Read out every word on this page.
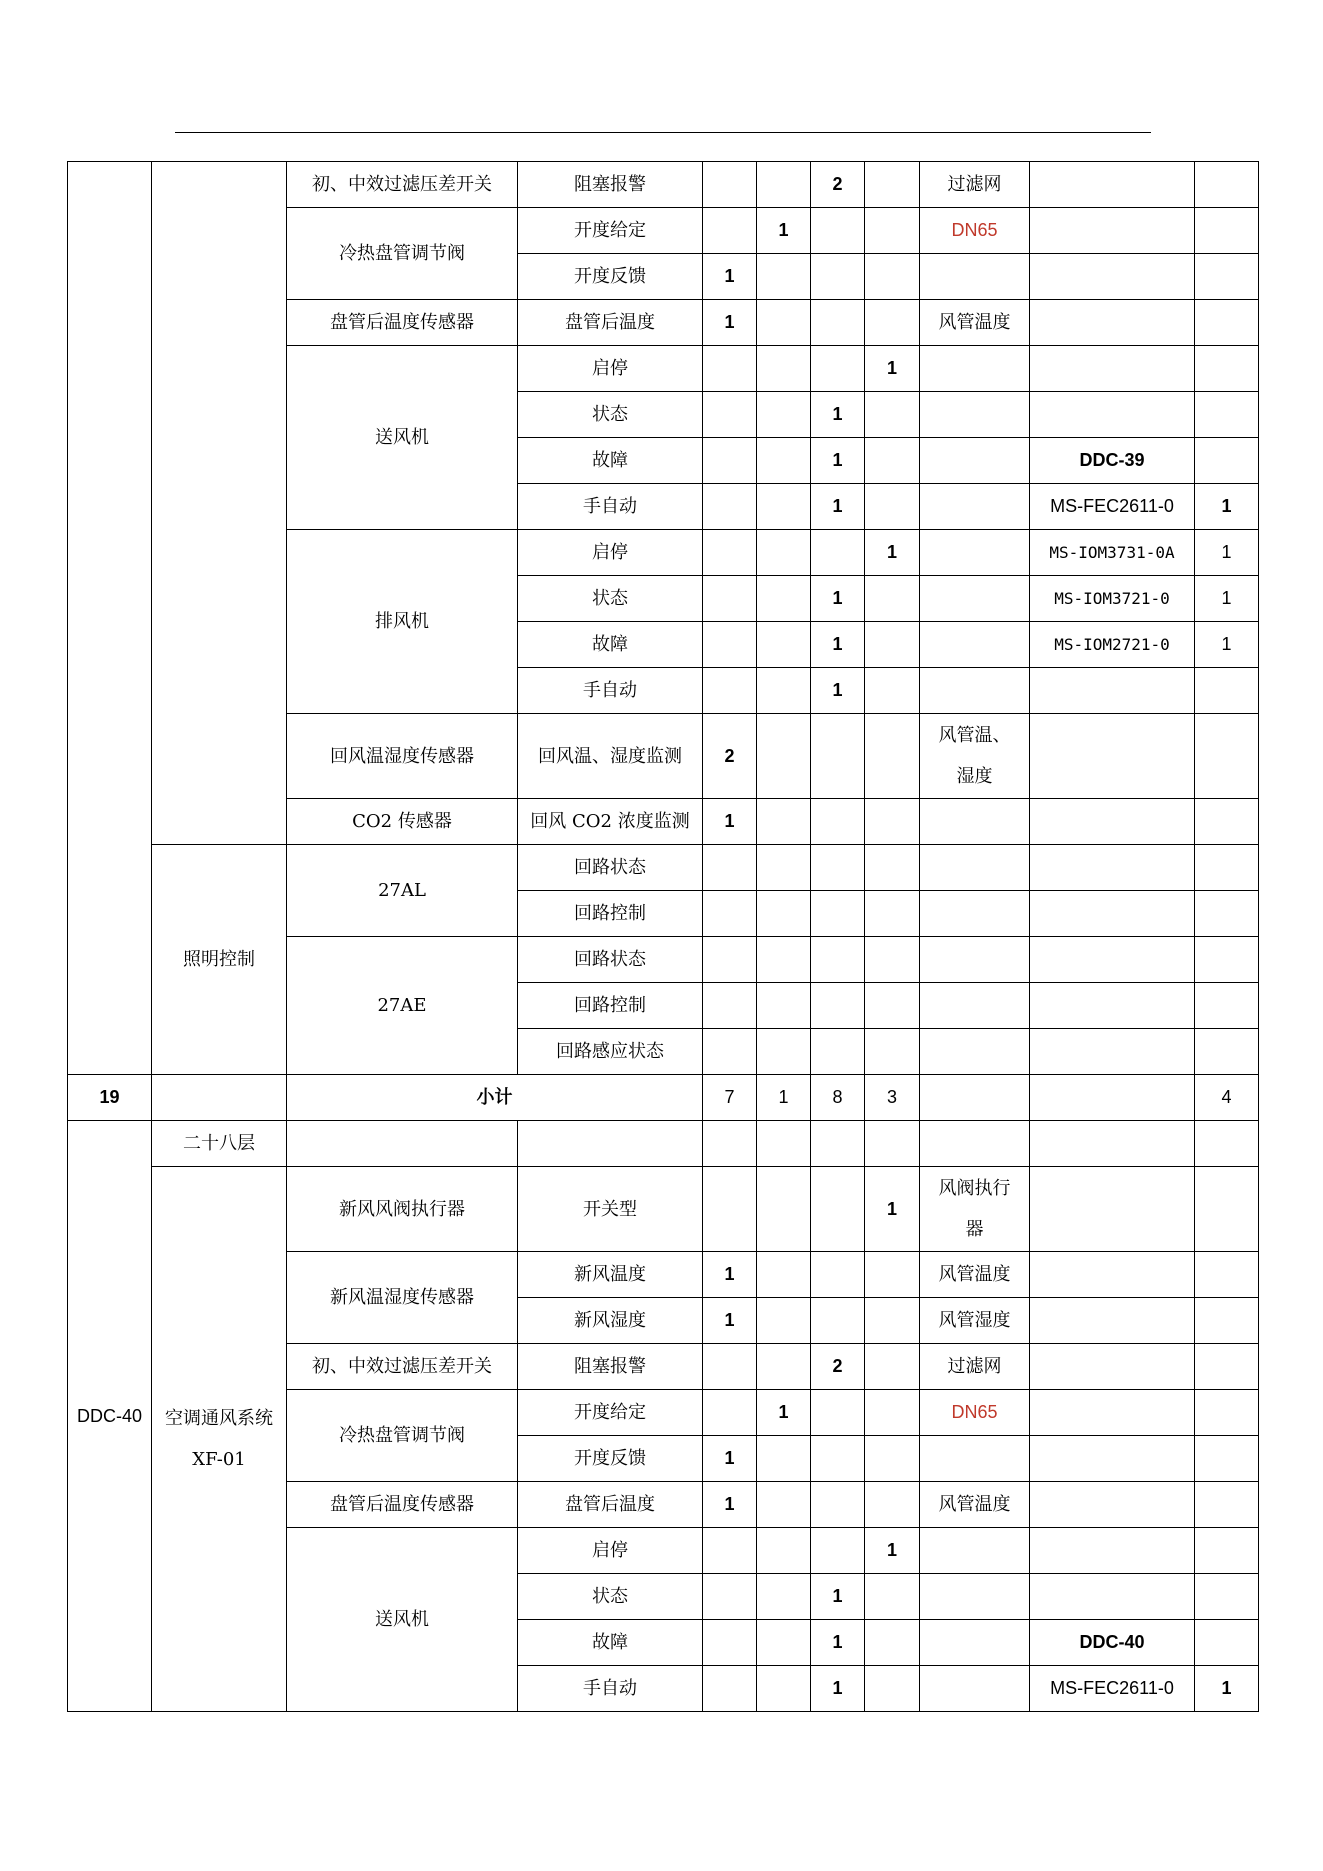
		初、中效过滤压差开关	阻塞报警			2		过滤网		
		冷热盘管调节阀	开度给定		1			DN65		
			开度反馈	1						
		盘管后温度传感器	盘管后温度	1				风管温度		
		送风机	启停				1			
			状态			1				
			故障			1			DDC-39	
			手自动			1			MS-FEC2611-0	1
		排风机	启停				1		MS-IOM3731-0A	1
			状态			1			MS-IOM3721-0	1
			故障			1			MS-IOM2721-0	1
			手自动			1				
		回风温湿度传感器	回风温、湿度监测	2				风管温、湿度		
		CO2 传感器	回风 CO2 浓度监测	1						
	照明控制	27AL	回路状态							
			回路控制							
		27AE	回路状态							
			回路控制							
			回路感应状态							
19		小计		7	1	8	3			4
DDC-40	二十八层									
	空调通风系统 XF-01	新风风阀执行器	开关型				1	风阀执行器		
		新风温湿度传感器	新风温度	1				风管温度		
			新风湿度	1				风管湿度		
		初、中效过滤压差开关	阻塞报警			2		过滤网		
		冷热盘管调节阀	开度给定		1			DN65		
			开度反馈	1						
		盘管后温度传感器	盘管后温度	1				风管温度		
		送风机	启停				1			
			状态			1				
			故障			1			DDC-40	
			手自动			1			MS-FEC2611-0	1
